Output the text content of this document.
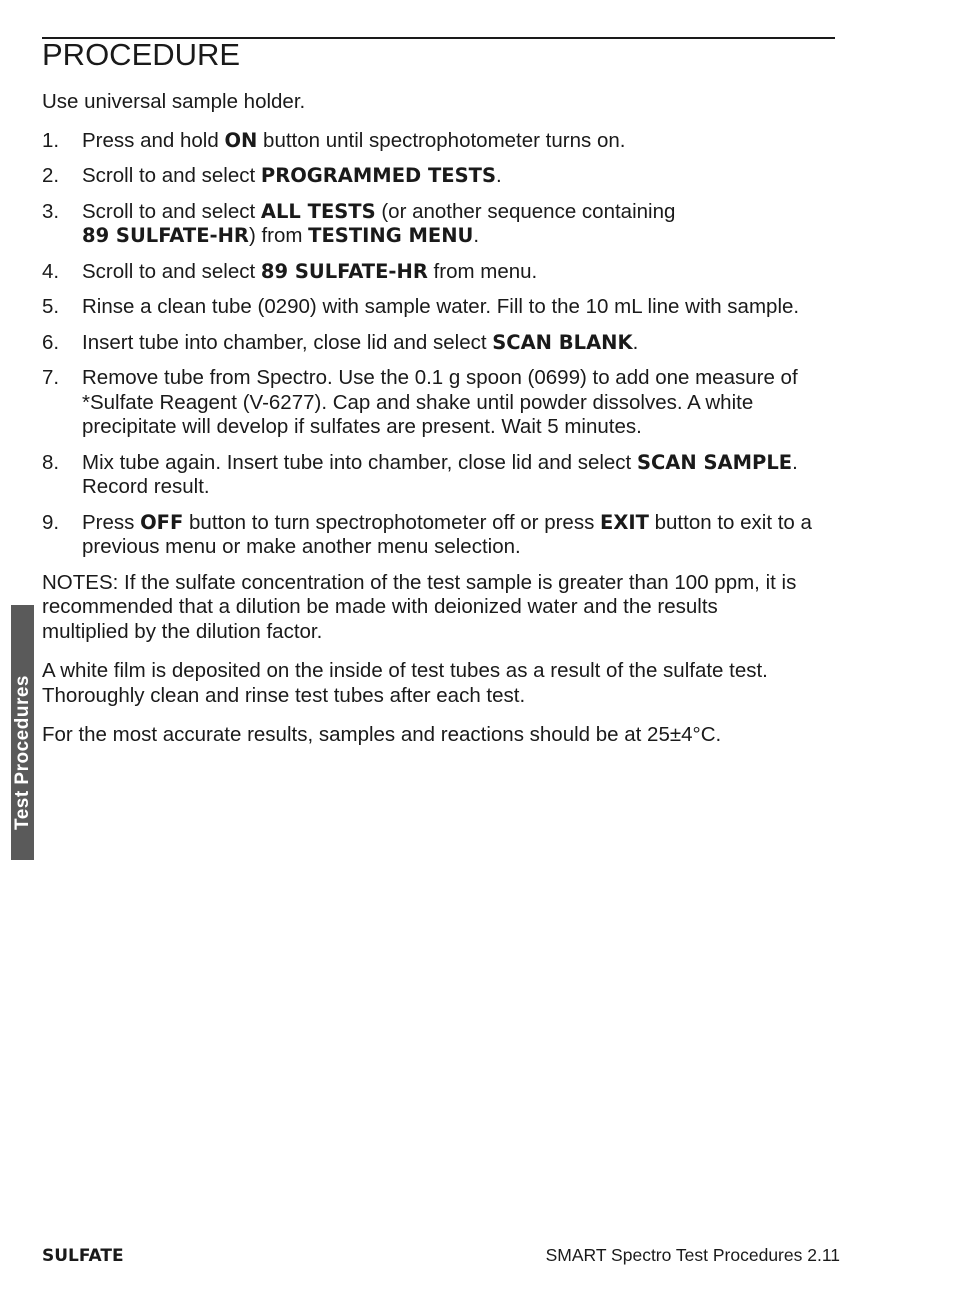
PROCEDURE

Use universal sample holder.

1. Press and hold ON button until spectrophotometer turns on.
2. Scroll to and select PROGRAMMED TESTS.
3. Scroll to and select ALL TESTS (or another sequence containing
89 SULFATE-HR) from TESTING MENU.
4. Scroll to and select 89 SULFATE-HR from menu.
5. Rinse a clean tube (0290) with sample water. Fill to the 10 mL line with sample.
6. Insert tube into chamber, close lid and select SCAN BLANK.
7. Remove tube from Spectro. Use the 0.1 g spoon (0699) to add one measure of *Sulfate Reagent (V-6277). Cap and shake until powder dissolves. A white precipitate will develop if sulfates are present. Wait 5 minutes.
8. Mix tube again. Insert tube into chamber, close lid and select SCAN SAMPLE. Record result.
9. Press OFF button to turn spectrophotometer off or press EXIT button to exit to a previous menu or make another menu selection.

NOTES: If the sulfate concentration of the test sample is greater than 100 ppm, it is recommended that a dilution be made with deionized water and the results multiplied by the dilution factor.

A white film is deposited on the inside of test tubes as a result of the sulfate test. Thoroughly clean and rinse test tubes after each test.

For the most accurate results, samples and reactions should be at 25±4°C.

Test Procedures
SULFATE	SMART Spectro Test Procedures 2.11
